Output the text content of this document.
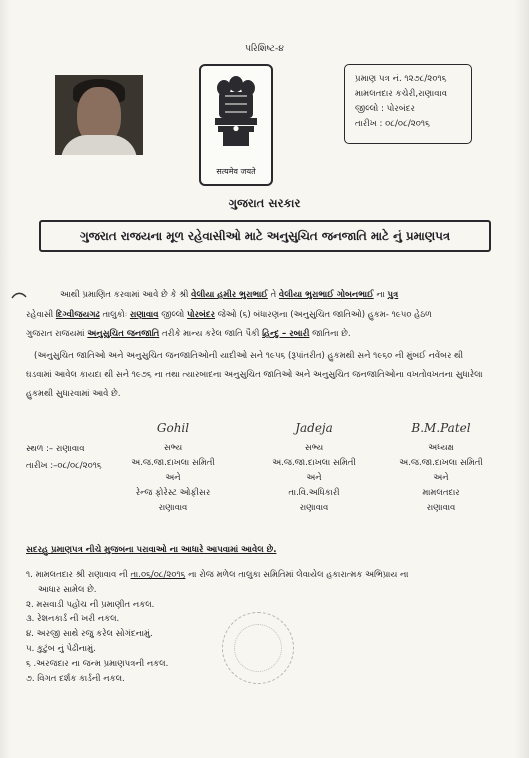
પરિશિષ્ટ-૪
सत्यमेव जयते
પ્રમાણ પત્ર નં. ૧૨૭૮/૨૦૧૬
મામલતદાર કચેરી,રાણાવાવ
જીલ્લો : પોરબંદર
તારીખ : ૦૮/૦૮/૨૦૧૬
ગુજરાત સરકાર
ગુજરાત રાજયના મૂળ રહેવાસીઓ માટે અનુસુચિત જનજાતિ માટે નું પ્રમાણપત્ર
આથી પ્રમાણિત કરવામાં આવે છે કે શ્રી વેલીયા હમીર ભુરાભાઈ તે વેલીયા ભુરાભાઈ ગોબનભાઈ ના પુત્ર
રહેવાસી દિગ્વીજયગઢ તાલુકોઃ રાણાવાવ જીલ્લો પોરબંદર જેઓ (૬) બંધારણના (અનુસુચિત જાતિઓ) હુકમ- ૧૯૫૦ હેઠળ
ગુજરાત રાજયમાં અનુસુચિત જનજાતિ તરીકે માન્ય કરેલ જાતિ પૈકી હિન્દુ – રબારી જાતિના છે.
(અનુસુચિત જાતિઓ અને અનુસુચિત જનજાતિઓની યાદીઓ સને ૧૯૫૬ (રૂપાંતરીત) હુકમથી સને ૧૯૬૦ ની મુંબઈ નવેંબર થી
ઘડવામાં આવેલ કાયદા થી સને ૧૯૭૬ ના તથા ત્યારબાદના અનુસુચિત જાતિઓ અને અનુસુચિત જનજાતિઓના વખતોવખતના સુધારેલા
હુકમથી સુધારવામાં આવે છે.
સ્થળ :– રાણાવાવ
તારીખ :–૦૮/૦૮/૨૦૧૬
Gohil
સભ્ય
અ.જ.જા.દાખલા સમિતી
અને
રેન્જ ફોરેસ્ટ ઓફીસર
રાણાવાવ
Jadeja
સભ્ય
અ.જ.જા.દાખલા સમિતી
અને
તા.વિ.અધિકારી
રાણાવાવ
B.M.Patel
અધ્યક્ષ
અ.જ.જા.દાખલા સમિતી
અને
મામલતદાર
રાણાવાવ
સદરહુ પ્રમાણપત્ર નીચે મુજબના પરાવાઓ ના આધારે આપવામાં આવેલ છે.
૧. મામલતદાર શ્રી રાણાવાવ ની તા.૦૬/૦૮/૨૦૧૬ ના રોજ મળેલ તાલુકા સમિતિમાં લેવાયેલ હકારાત્મક અભિપ્રાય ના
આધાર સામેલ છે.
૨. મસવાડી પહોંચ ની પ્રમાણીત નકલ.
૩. રેશનકાર્ડ ની ખરી નકલ.
૪. અરજી સાથે રજુ કરેલ સોગંદનામું.
૫. કુટુંબ નું પેઢીનામું.
૬ .અરજદાર ના જન્મ પ્રમાણપત્રની નકલ.
૭. વિગત દર્શક કાર્ડની નકલ.
